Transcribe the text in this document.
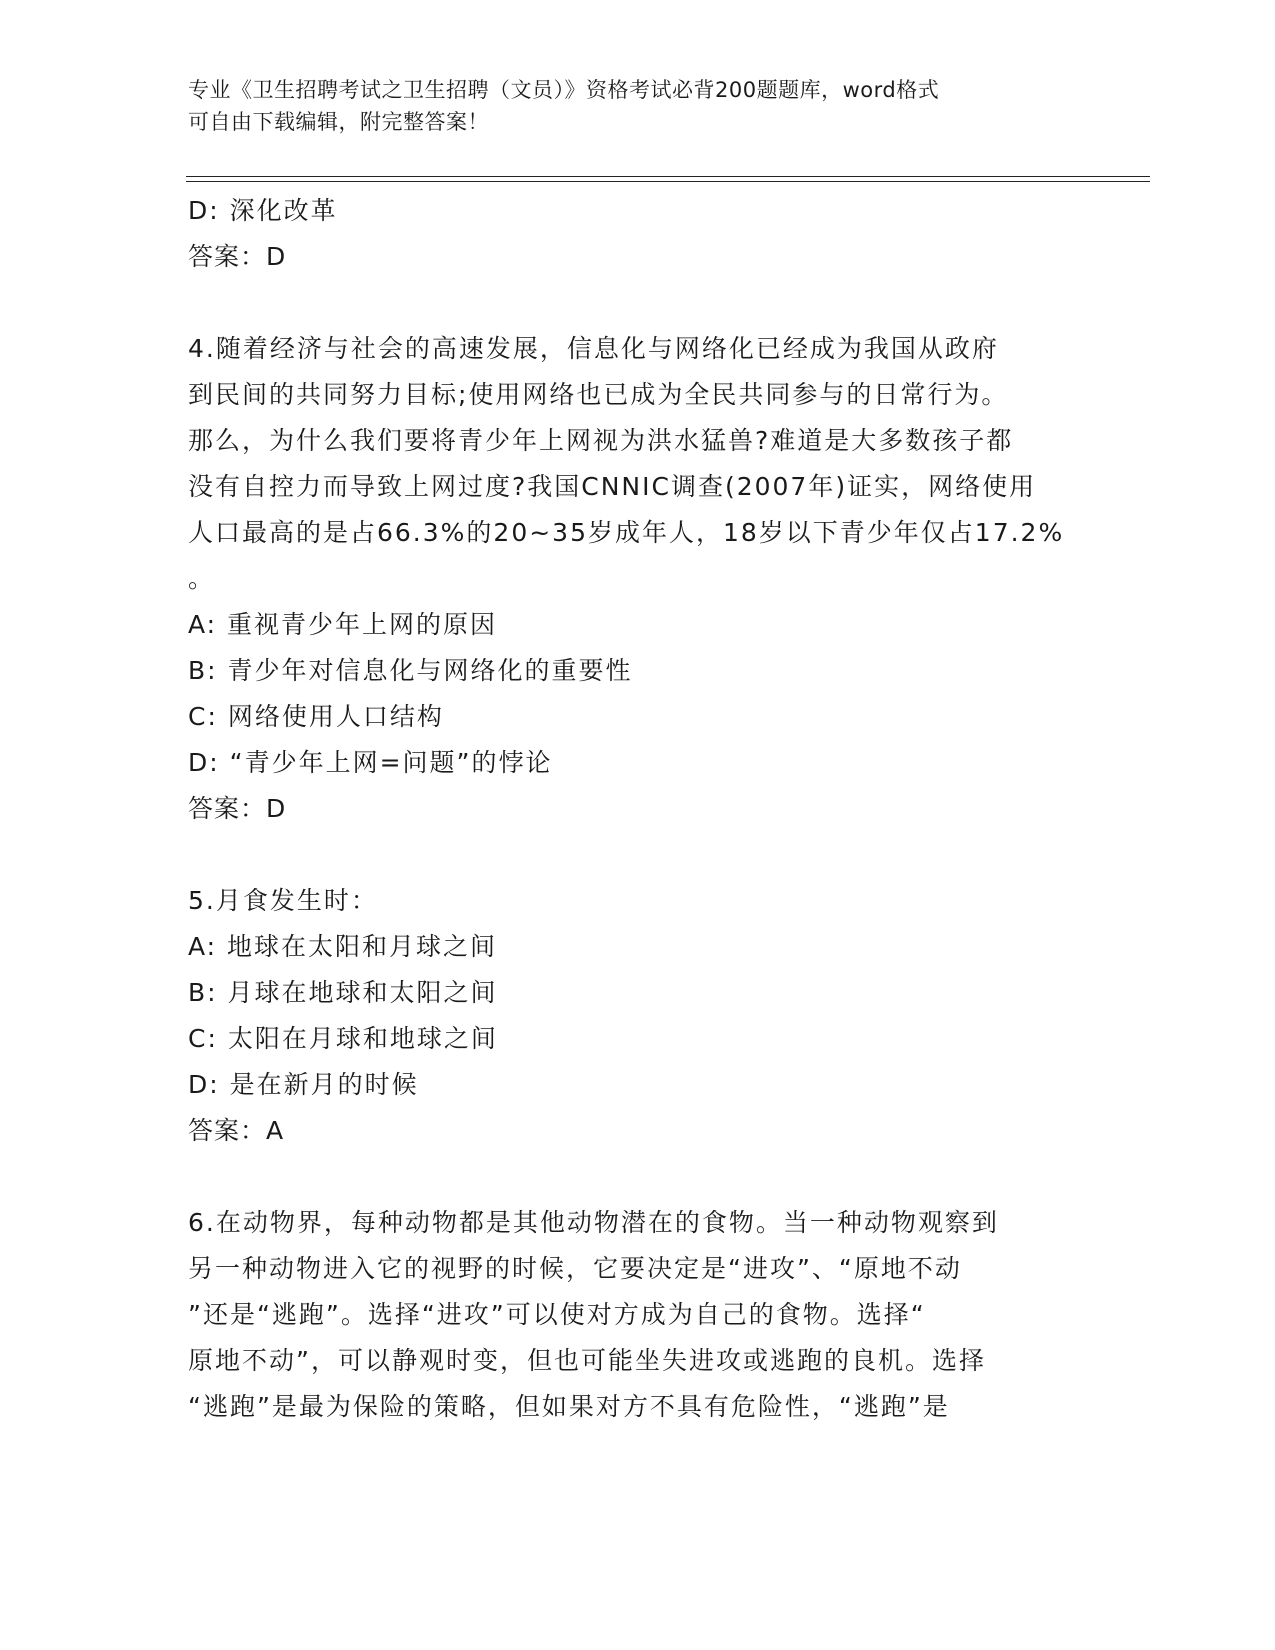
专业《卫生招聘考试之卫生招聘（文员）》资格考试必背200题题库，word格式
可自由下载编辑，附完整答案！
D: 深化改革
答案：D
4.随着经济与社会的高速发展，信息化与网络化已经成为我国从政府
到民间的共同努力目标;使用网络也已成为全民共同参与的日常行为。
那么，为什么我们要将青少年上网视为洪水猛兽?难道是大多数孩子都
没有自控力而导致上网过度?我国CNNIC调查(2007年)证实，网络使用
人口最高的是占66.3%的20~35岁成年人，18岁以下青少年仅占17.2%
。
A: 重视青少年上网的原因
B: 青少年对信息化与网络化的重要性
C: 网络使用人口结构
D: “青少年上网=问题”的悖论
答案：D
5.月食发生时：
A: 地球在太阳和月球之间
B: 月球在地球和太阳之间
C: 太阳在月球和地球之间
D: 是在新月的时候
答案：A
6.在动物界，每种动物都是其他动物潜在的食物。当一种动物观察到
另一种动物进入它的视野的时候，它要决定是“进攻”、“原地不动
”还是“逃跑”。选择“进攻”可以使对方成为自己的食物。选择“
原地不动”，可以静观时变，但也可能坐失进攻或逃跑的良机。选择
“逃跑”是最为保险的策略，但如果对方不具有危险性，“逃跑”是
